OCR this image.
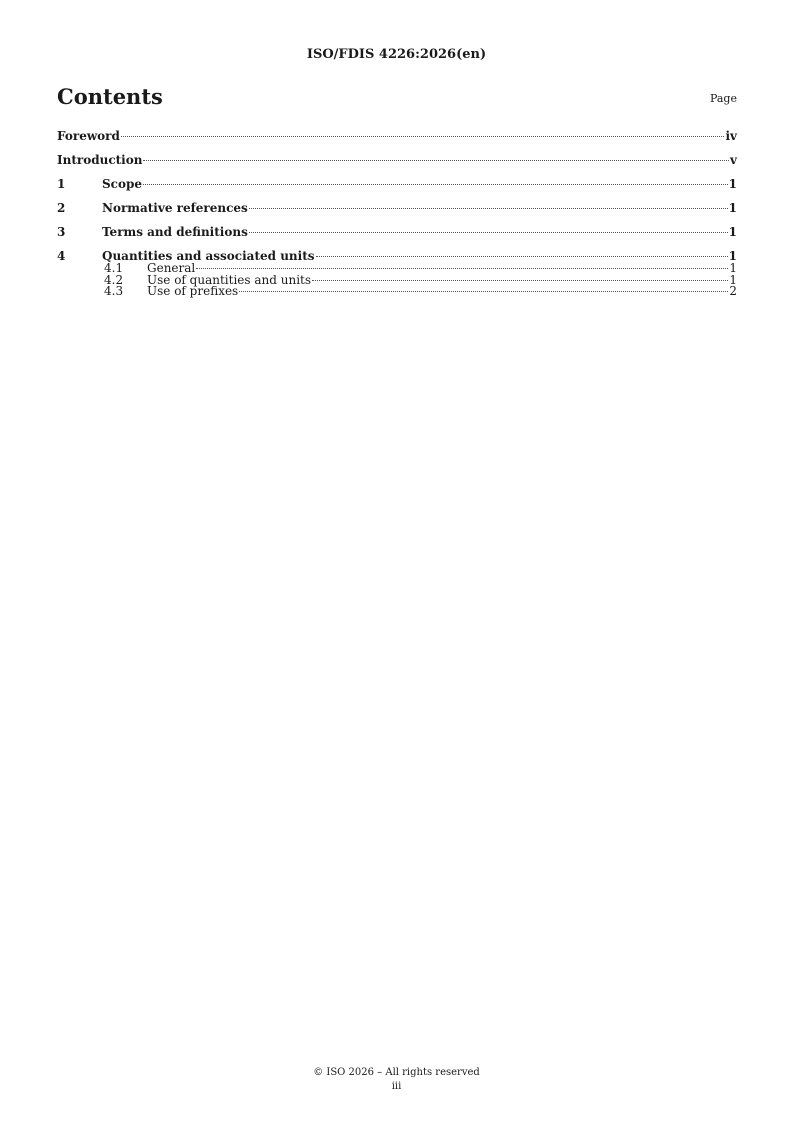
ISO/FDIS 4226:2026(en)
Contents	Page
Foreword	iv
Introduction	v
1	Scope	1
2	Normative references	1
3	Terms and definitions	1
4	Quantities and associated units	1
4.1	General	1
4.2	Use of quantities and units	1
4.3	Use of prefixes	2
© ISO 2026 – All rights reserved
iii
